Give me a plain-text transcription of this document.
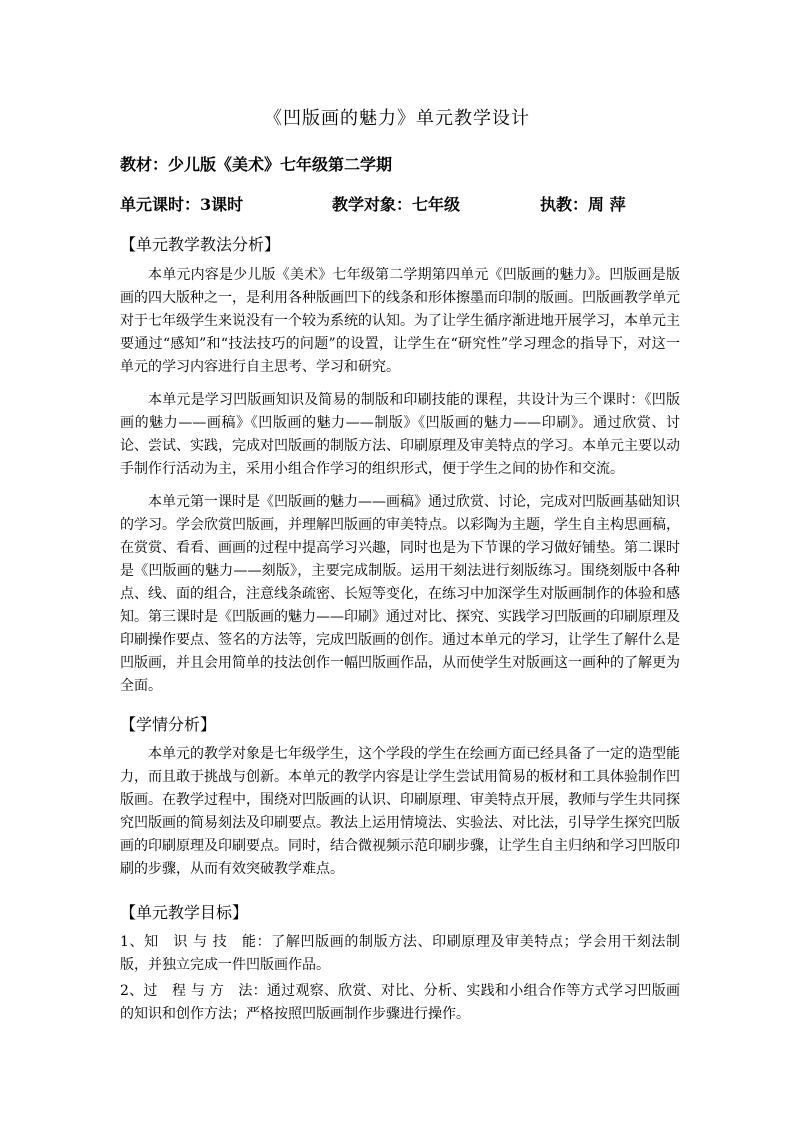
《凹版画的魅力》单元教学设计
教材：少儿版《美术》七年级第二学期
单元课时：3课时	教学对象：七年级	执教：周 萍
【单元教学教法分析】

本单元内容是少儿版《美术》七年级第二学期第四单元《凹版画的魅力》。凹版画是版画的四大版种之一，是利用各种版画凹下的线条和形体擦墨而印制的版画。凹版画教学单元对于七年级学生来说没有一个较为系统的认知。为了让学生循序渐进地开展学习，本单元主要通过“感知”和“技法技巧的问题”的设置，让学生在“研究性”学习理念的指导下，对这一单元的学习内容进行自主思考、学习和研究。

本单元是学习凹版画知识及简易的制版和印刷技能的课程，共设计为三个课时：《凹版画的魅力——画稿》《凹版画的魅力——制版》《凹版画的魅力——印刷》。通过欣赏、讨论、尝试、实践，完成对凹版画的制版方法、印刷原理及审美特点的学习。本单元主要以动手制作行活动为主，采用小组合作学习的组织形式，便于学生之间的协作和交流。

本单元第一课时是《凹版画的魅力——画稿》通过欣赏、讨论，完成对凹版画基础知识的学习。学会欣赏凹版画，并理解凹版画的审美特点。以彩陶为主题，学生自主构思画稿，在赏赏、看看、画画的过程中提高学习兴趣，同时也是为下节课的学习做好铺垫。第二课时是《凹版画的魅力——刻版》，主要完成制版。运用干刻法进行刻版练习。围绕刻版中各种点、线、面的组合，注意线条疏密、长短等变化，在练习中加深学生对版画制作的体验和感知。第三课时是《凹版画的魅力——印刷》通过对比、探究、实践学习凹版画的印刷原理及印刷操作要点、签名的方法等，完成凹版画的创作。通过本单元的学习，让学生了解什么是凹版画，并且会用简单的技法创作一幅凹版画作品，从而使学生对版画这一画种的了解更为全面。

【学情分析】

本单元的教学对象是七年级学生，这个学段的学生在绘画方面已经具备了一定的造型能力，而且敢于挑战与创新。本单元的教学内容是让学生尝试用简易的板材和工具体验制作凹版画。在教学过程中，围绕对凹版画的认识、印刷原理、审美特点开展，教师与学生共同探究凹版画的简易刻法及印刷要点。教法上运用情境法、实验法、对比法，引导学生探究凹版画的印刷原理及印刷要点。同时，结合微视频示范印刷步骤，让学生自主归纳和学习凹版印刷的步骤，从而有效突破教学难点。

【单元教学目标】

1、知　识 与 技　能：了解凹版画的制版方法、印刷原理及审美特点；学会用干刻法制版，并独立完成一件凹版画作品。

2、过　程 与 方　法：通过观察、欣赏、对比、分析、实践和小组合作等方式学习凹版画的知识和创作方法；严格按照凹版画制作步骤进行操作。
